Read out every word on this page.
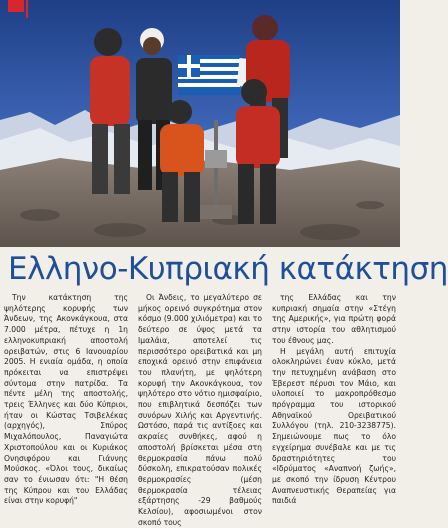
Ελληνο-Κυπριακή κατάκτηση

Την κατάκτηση της ψηλότερης κορυφής των Άνδεων, της Ακονκάγκουα, στα 7.000 μέτρα, πέτυχε η 1η ελληνοκυπριακή αποστολή ορειβατών, στις 6 Ιανουαρίου 2005. Η ενιαία ομάδα, η οποία πρόκειται να επιστρέψει σύντομα στην πατρίδα. Τα πέντε μέλη της αποστολής, τρεις Έλληνες και δύο Κύπριοι, ήταν οι Κώστας Τσιβελέκας (αρχηγός), Σπύρος Μιχαλόπουλος, Παναγιώτα Χριστοπούλου και οι Κυριάκος Ονησιφόρου και Γιάννης Μούσκος. «Όλοι τους, δικαίως σαν το ένιωσαν ότι: "Η θέση της Κύπρου και του Ελλάδας είναι στην κορυφή"

Οι Άνδεις, το μεγαλύτερο σε μήκος ορεινό συγκρότημα στον κόσμο (9.000 χιλιόμετρα) και το δεύτερο σε ύψος μετά τα Ιμαλάια, αποτελεί τις περισσότερο ορειβατικά και μη εποχικά ορεινό στην επιφάνεια του πλανήτη, με ψηλότερη κορυφή την Ακονκάγκουα, τον ψηλότερο στο νότιο ημισφαίριο, που επιβλητικά δεσπόζει των συνόρων Χιλής και Αργεντινής. Ωστόσο, παρά τις αντίξοες και ακραίες συνθήκες, αφού η αποστολή βρίσκεται μέσα στη θερμοκρασία πάνω πολύ δύσκολη, επικρατούσαν πολικές θερμοκρασίες (μέση θερμοκρασία τέλειας εξάρτησης -29 βαθμούς Κελσίου), αφοσιωμένοι στον σκοπό τους

της Ελλάδας και την κυπριακή σημαία στην «Στέγη της Αμερικής», για πρώτη φορά στην ιστορία του αθλητισμού του έθνους μας.

Η μεγάλη αυτή επιτυχία ολοκληρώνει έναν κύκλο, μετά την πετυχημένη ανάβαση στο Έβερεστ πέρυσι τον Μάιο, και υλοποιεί το μακροπρόθεσμο πρόγραμμα του ιστορικού Αθηναϊκού Ορειβατικού Συλλόγου (τηλ. 210-3238775). Σημειώνουμε πως το όλο εγχείρημα συνέβαλε και με τις δραστηριότητες του «Ιδρύματος «Αναπνοή ζωής», με σκοπό την ίδρυση Κέντρου Αναπνευστικής Θεραπείας για παιδιά
